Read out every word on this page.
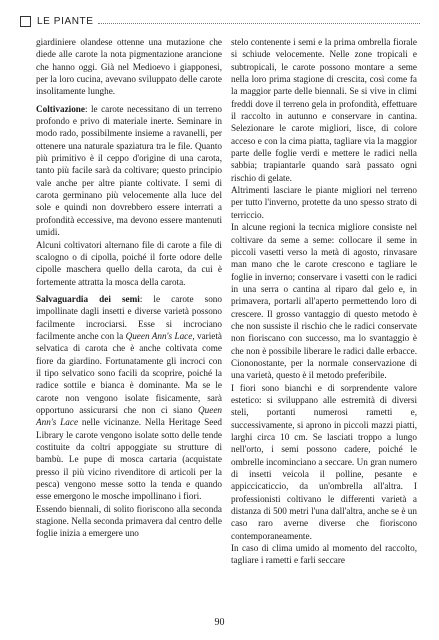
LE PIANTE

giardiniere olandese ottenne una mutazione che diede alle carote la nota pigmentazione arancione che hanno oggi. Già nel Medioevo i giapponesi, per la loro cucina, avevano sviluppato delle carote insolitamente lunghe.

Coltivazione: le carote necessitano di un terreno profondo e privo di materiale inerte. Seminare in modo rado, possibilmente insieme a ravanelli, per ottenere una naturale spaziatura tra le file. Quanto più primitivo è il ceppo d'origine di una carota, tanto più facile sarà da coltivare; questo principio vale anche per altre piante coltivate. I semi di carota germinano più velocemente alla luce del sole e quindi non dovrebbero essere interrati a profondità eccessive, ma devono essere mantenuti umidi.

Alcuni coltivatori alternano file di carote a file di scalogno o di cipolla, poiché il forte odore delle cipolle maschera quello della carota, da cui è fortemente attratta la mosca della carota.

Salvaguardia dei semi: le carote sono impollinate dagli insetti e diverse varietà possono facilmente incrociarsi. Esse si incrociano facilmente anche con la Queen Ann's Lace, varietà selvatica di carota che è anche coltivata come fiore da giardino. Fortunatamente gli incroci con il tipo selvatico sono facili da scoprire, poiché la radice sottile e bianca è dominante. Ma se le carote non vengono isolate fisicamente, sarà opportuno assicurarsi che non ci siano Queen Ann's Lace nelle vicinanze. Nella Heritage Seed Library le carote vengono isolate sotto delle tende costituite da coltri appoggiate su strutture di bambù. Le pupe di mosca cartaria (acquistate presso il più vicino rivenditore di articoli per la pesca) vengono messe sotto la tenda e quando esse emergono le mosche impollinano i fiori.

Essendo biennali, di solito fioriscono alla seconda stagione. Nella seconda primavera dal centro delle foglie inizia a emergere uno

stelo contenente i semi e la prima ombrella fiorale si schiude velocemente. Nelle zone tropicali e subtropicali, le carote possono montare a seme nella loro prima stagione di crescita, così come fa la maggior parte delle biennali. Se si vive in climi freddi dove il terreno gela in profondità, effettuare il raccolto in autunno e conservare in cantina. Selezionare le carote migliori, lisce, di colore acceso e con la cima piatta, tagliare via la maggior parte delle foglie verdi e mettere le radici nella sabbia; trapiantarle quando sarà passato ogni rischio di gelate.

Altrimenti lasciare le piante migliori nel terreno per tutto l'inverno, protette da uno spesso strato di terriccio.

In alcune regioni la tecnica migliore consiste nel coltivare da seme a seme: collocare il seme in piccoli vasetti verso la metà di agosto, rinvasare man mano che le carote crescono e tagliare le foglie in inverno; conservare i vasetti con le radici in una serra o cantina al riparo dal gelo e, in primavera, portarli all'aperto permettendo loro di crescere. Il grosso vantaggio di questo metodo è che non sussiste il rischio che le radici conservate non fioriscano con successo, ma lo svantaggio è che non è possibile liberare le radici dalle erbacce. Ciononostante, per la normale conservazione di una varietà, questo è il metodo preferibile.

I fiori sono bianchi e di sorprendente valore estetico: si sviluppano alle estremità di diversi steli, portanti numerosi rametti e, successivamente, si aprono in piccoli mazzi piatti, larghi circa 10 cm. Se lasciati troppo a lungo nell'orto, i semi possono cadere, poiché le ombrelle incominciano a seccare. Un gran numero di insetti veicola il polline, pesante e appiccicaticcio, da un'ombrella all'altra. I professionisti coltivano le differenti varietà a distanza di 500 metri l'una dall'altra, anche se è un caso raro averne diverse che fioriscono contemporaneamente.

In caso di clima umido al momento del raccolto, tagliare i rametti e farli seccare

90
